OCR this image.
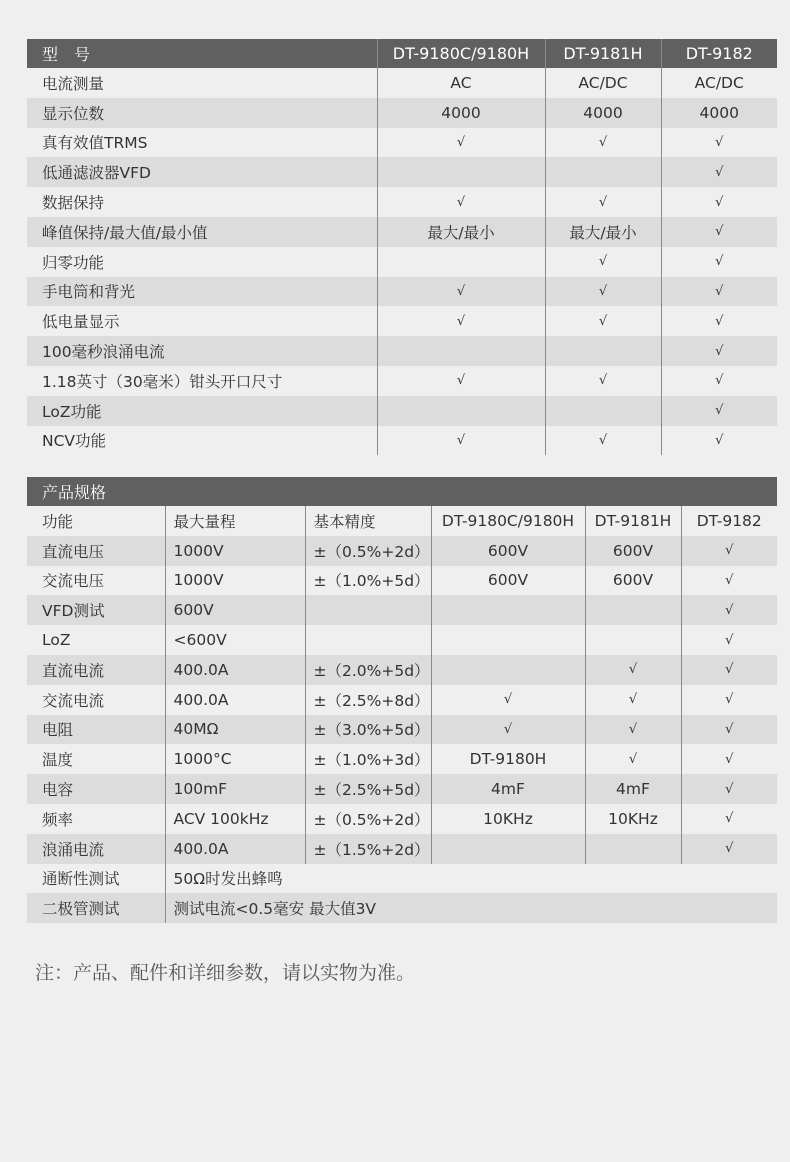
型　号	DT-9180C/9180H	DT-9181H	DT-9182
电流测量	AC	AC/DC	AC/DC
显示位数	4000	4000	4000
真有效值TRMS	√	√	√
低通滤波器VFD			√
数据保持	√	√	√
峰值保持/最大值/最小值	最大/最小	最大/最小	√
归零功能		√	√
手电筒和背光	√	√	√
低电量显示	√	√	√
100毫秒浪涌电流			√
1.18英寸（30毫米）钳头开口尺寸	√	√	√
LoZ功能			√
NCV功能	√	√	√
产品规格					
功能	最大量程	基本精度	DT-9180C/9180H	DT-9181H	DT-9182
直流电压	1000V	±（0.5%+2d）	600V	600V	√
交流电压	1000V	±（1.0%+5d）	600V	600V	√
VFD测试	600V				√
LoZ	<600V				√
直流电流	400.0A	±（2.0%+5d）		√	√
交流电流	400.0A	±（2.5%+8d）	√	√	√
电阻	40MΩ	±（3.0%+5d）	√	√	√
温度	1000°C	±（1.0%+3d）	DT-9180H	√	√
电容	100mF	±（2.5%+5d）	4mF	4mF	√
频率	ACV 100kHz	±（0.5%+2d）	10KHz	10KHz	√
浪涌电流	400.0A	±（1.5%+2d）			√
通断性测试	50Ω时发出蜂鸣				
二极管测试	测试电流<0.5毫安 最大值3V				
注：产品、配件和详细参数，请以实物为准。
